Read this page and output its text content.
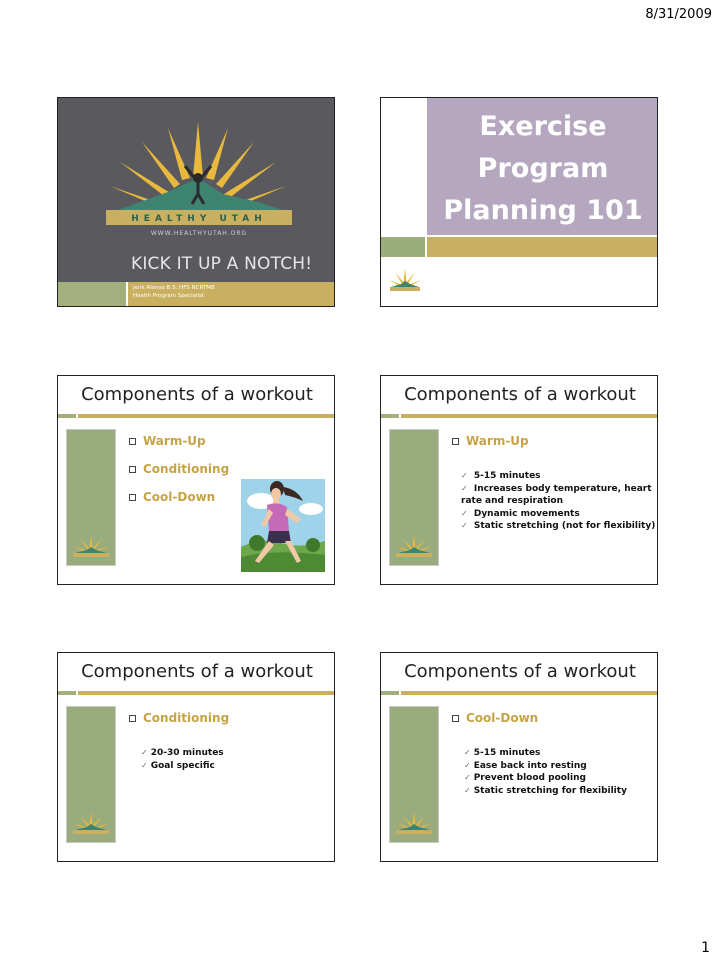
8/31/2009
HEALTHY UTAH
WWW.HEALTHYUTAH.ORG
KICK IT UP A NOTCH!
Jenk Alonso B.S. HFS NCRTMB
Health Program Specialist
Exercise
Program
Planning 101
Components of a workout
Warm-Up
Conditioning
Cool-Down
Components of a workout
Warm-Up
✓ 5-15 minutes
✓ Increases body temperature, heart
rate and respiration
✓ Dynamic movements
✓ Static stretching (not for flexibility)
Components of a workout
Conditioning
✓ 20-30 minutes
✓ Goal specific
Components of a workout
Cool-Down
✓ 5-15 minutes
✓ Ease back into resting
✓ Prevent blood pooling
✓ Static stretching for flexibility
1
